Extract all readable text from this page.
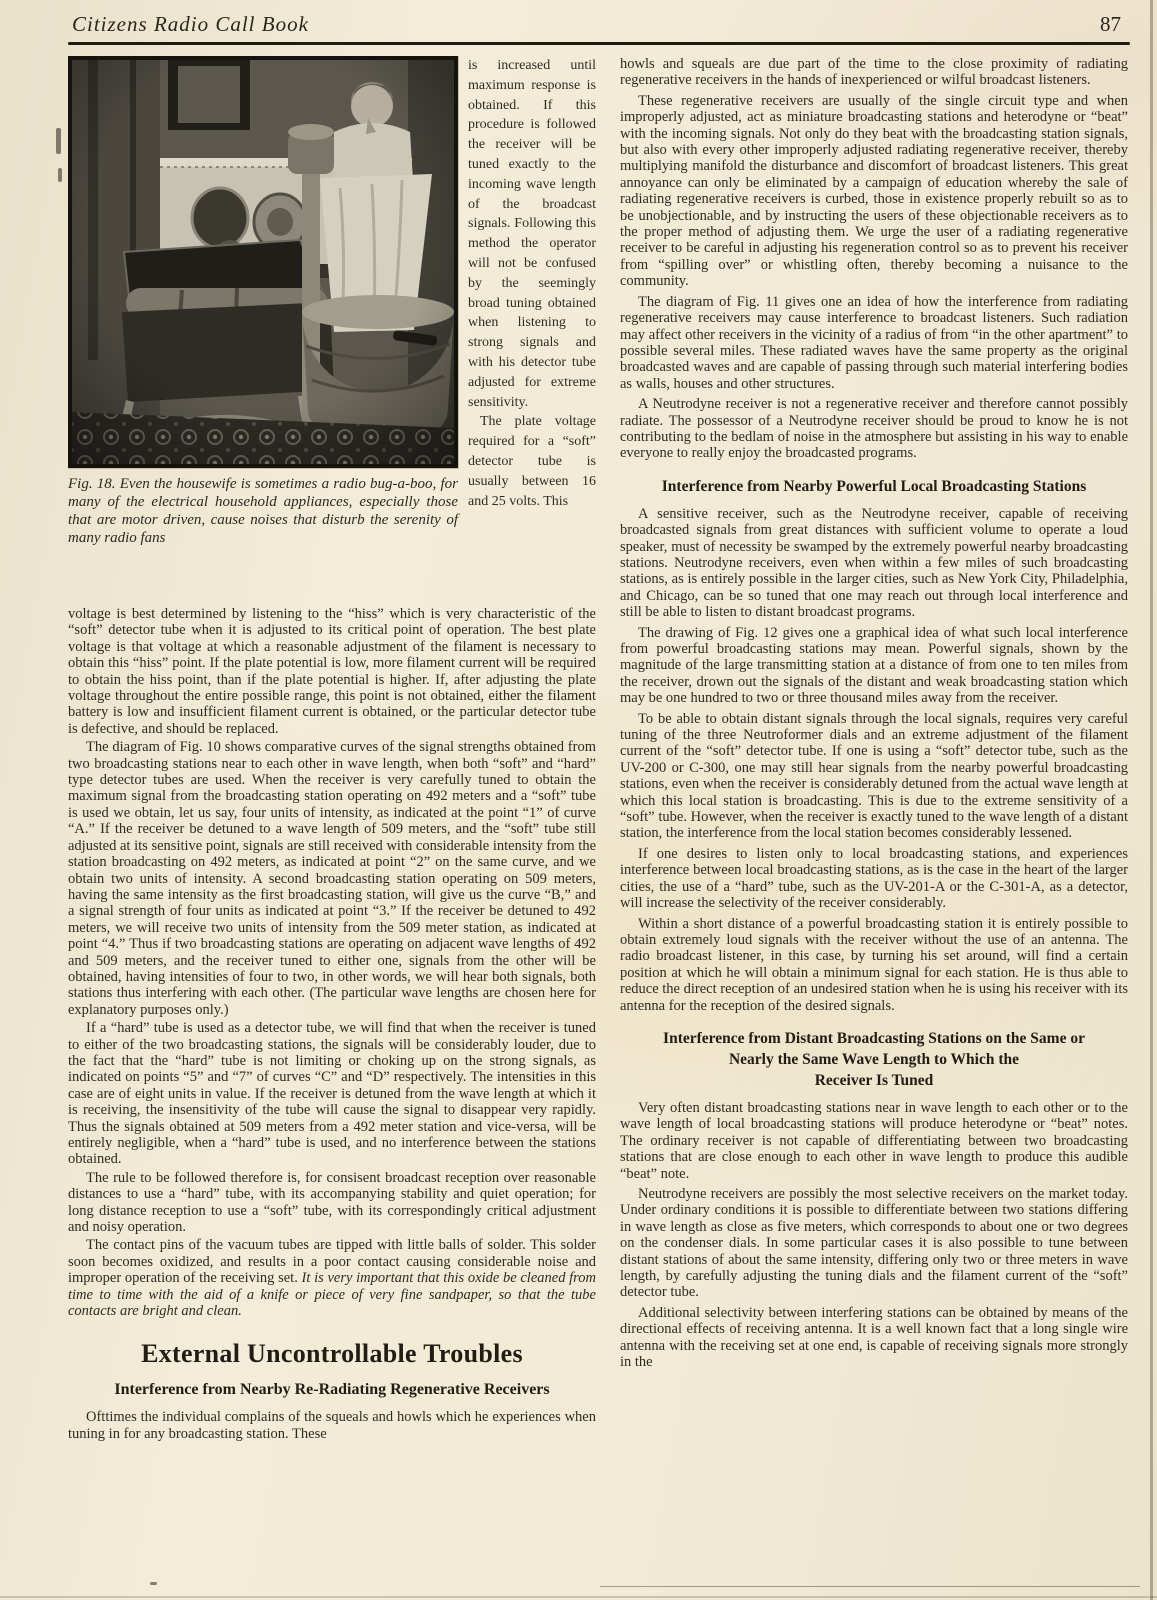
Citizens Radio Call Book	87

Fig. 18. Even the housewife is sometimes a radio bug-a-boo, for many of the electrical household appliances, especially those that are motor driven, cause noises that disturb the serenity of many radio fans

is increased until maximum response is obtained. If this procedure is followed the receiver will be tuned exactly to the incoming wave length of the broadcast signals. Following this method the operator will not be confused by the seemingly broad tuning obtained when listening to strong signals and with his detector tube adjusted for extreme sensitivity.

The plate voltage required for a “soft” detector tube is usually between 16 and 25 volts. This

voltage is best determined by listening to the “hiss” which is very characteristic of the “soft” detector tube when it is adjusted to its critical point of operation. The best plate voltage is that voltage at which a reasonable adjustment of the filament is necessary to obtain this “hiss” point. If the plate potential is low, more filament current will be required to obtain the hiss point, than if the plate potential is higher. If, after adjusting the plate voltage throughout the entire possible range, this point is not obtained, either the filament battery is low and insufficient filament current is obtained, or the particular detector tube is defective, and should be replaced.

The diagram of Fig. 10 shows comparative curves of the signal strengths obtained from two broadcasting stations near to each other in wave length, when both “soft” and “hard” type detector tubes are used. When the receiver is very carefully tuned to obtain the maximum signal from the broadcasting station operating on 492 meters and a “soft” tube is used we obtain, let us say, four units of intensity, as indicated at the point “1” of curve “A.” If the receiver be detuned to a wave length of 509 meters, and the “soft” tube still adjusted at its sensitive point, signals are still received with considerable intensity from the station broadcasting on 492 meters, as indicated at point “2” on the same curve, and we obtain two units of intensity. A second broadcasting station operating on 509 meters, having the same intensity as the first broadcasting station, will give us the curve “B,” and a signal strength of four units as indicated at point “3.” If the receiver be detuned to 492 meters, we will receive two units of intensity from the 509 meter station, as indicated at point “4.” Thus if two broadcasting stations are operating on adjacent wave lengths of 492 and 509 meters, and the receiver tuned to either one, signals from the other will be obtained, having intensities of four to two, in other words, we will hear both signals, both stations thus interfering with each other. (The particular wave lengths are chosen here for explanatory purposes only.)

If a “hard” tube is used as a detector tube, we will find that when the receiver is tuned to either of the two broadcasting stations, the signals will be considerably louder, due to the fact that the “hard” tube is not limiting or choking up on the strong signals, as indicated on points “5” and “7” of curves “C” and “D” respectively. The intensities in this case are of eight units in value. If the receiver is detuned from the wave length at which it is receiving, the insensitivity of the tube will cause the signal to disappear very rapidly. Thus the signals obtained at 509 meters from a 492 meter station and vice-versa, will be entirely negligible, when a “hard” tube is used, and no interference between the stations obtained.

The rule to be followed therefore is, for consisent broadcast reception over reasonable distances to use a “hard” tube, with its accompanying stability and quiet operation; for long distance reception to use a “soft” tube, with its correspondingly critical adjustment and noisy operation.

The contact pins of the vacuum tubes are tipped with little balls of solder. This solder soon becomes oxidized, and results in a poor contact causing considerable noise and improper operation of the receiving set. It is very important that this oxide be cleaned from time to time with the aid of a knife or piece of very fine sandpaper, so that the tube contacts are bright and clean.

External Uncontrollable Troubles
Interference from Nearby Re-Radiating Regenerative Receivers

Ofttimes the individual complains of the squeals and howls which he experiences when tuning in for any broadcasting station. These

howls and squeals are due part of the time to the close proximity of radiating regenerative receivers in the hands of inexperienced or wilful broadcast listeners.

These regenerative receivers are usually of the single circuit type and when improperly adjusted, act as miniature broadcasting stations and heterodyne or “beat” with the incoming signals. Not only do they beat with the broadcasting station signals, but also with every other improperly adjusted radiating regenerative receiver, thereby multiplying manifold the disturbance and discomfort of broadcast listeners. This great annoyance can only be eliminated by a campaign of education whereby the sale of radiating regenerative receivers is curbed, those in existence properly rebuilt so as to be unobjectionable, and by instructing the users of these objectionable receivers as to the proper method of adjusting them. We urge the user of a radiating regenerative receiver to be careful in adjusting his regeneration control so as to prevent his receiver from “spilling over” or whistling often, thereby becoming a nuisance to the community.

The diagram of Fig. 11 gives one an idea of how the interference from radiating regenerative receivers may cause interference to broadcast listeners. Such radiation may affect other receivers in the vicinity of a radius of from “in the other apartment” to possible several miles. These radiated waves have the same property as the original broadcasted waves and are capable of passing through such material interfering bodies as walls, houses and other structures.

A Neutrodyne receiver is not a regenerative receiver and therefore cannot possibly radiate. The possessor of a Neutrodyne receiver should be proud to know he is not contributing to the bedlam of noise in the atmosphere but assisting in his way to enable everyone to really enjoy the broadcasted programs.

Interference from Nearby Powerful Local Broadcasting Stations

A sensitive receiver, such as the Neutrodyne receiver, capable of receiving broadcasted signals from great distances with sufficient volume to operate a loud speaker, must of necessity be swamped by the extremely powerful nearby broadcasting stations. Neutrodyne receivers, even when within a few miles of such broadcasting stations, as is entirely possible in the larger cities, such as New York City, Philadelphia, and Chicago, can be so tuned that one may reach out through local interference and still be able to listen to distant broadcast programs.

The drawing of Fig. 12 gives one a graphical idea of what such local interference from powerful broadcasting stations may mean. Powerful signals, shown by the magnitude of the large transmitting station at a distance of from one to ten miles from the receiver, drown out the signals of the distant and weak broadcasting station which may be one hundred to two or three thousand miles away from the receiver.

To be able to obtain distant signals through the local signals, requires very careful tuning of the three Neutroformer dials and an extreme adjustment of the filament current of the “soft” detector tube. If one is using a “soft” detector tube, such as the UV-200 or C-300, one may still hear signals from the nearby powerful broadcasting stations, even when the receiver is considerably detuned from the actual wave length at which this local station is broadcasting. This is due to the extreme sensitivity of a “soft” tube. However, when the receiver is exactly tuned to the wave length of a distant station, the interference from the local station becomes considerably lessened.

If one desires to listen only to local broadcasting stations, and experiences interference between local broadcasting stations, as is the case in the heart of the larger cities, the use of a “hard” tube, such as the UV-201-A or the C-301-A, as a detector, will increase the selectivity of the receiver considerably.

Within a short distance of a powerful broadcasting station it is entirely possible to obtain extremely loud signals with the receiver without the use of an antenna. The radio broadcast listener, in this case, by turning his set around, will find a certain position at which he will obtain a minimum signal for each station. He is thus able to reduce the direct reception of an undesired station when he is using his receiver with its antenna for the reception of the desired signals.

Interference from Distant Broadcasting Stations on the Same or
Nearly the Same Wave Length to Which the
Receiver Is Tuned

Very often distant broadcasting stations near in wave length to each other or to the wave length of local broadcasting stations will produce heterodyne or “beat” notes. The ordinary receiver is not capable of differentiating between two broadcasting stations that are close enough to each other in wave length to produce this audible “beat” note.

Neutrodyne receivers are possibly the most selective receivers on the market today. Under ordinary conditions it is possible to differentiate between two stations differing in wave length as close as five meters, which corresponds to about one or two degrees on the condenser dials. In some particular cases it is also possible to tune between distant stations of about the same intensity, differing only two or three meters in wave length, by carefully adjusting the tuning dials and the filament current of the “soft” detector tube.

Additional selectivity between interfering stations can be obtained by means of the directional effects of receiving antenna. It is a well known fact that a long single wire antenna with the receiving set at one end, is capable of receiving signals more strongly in the
